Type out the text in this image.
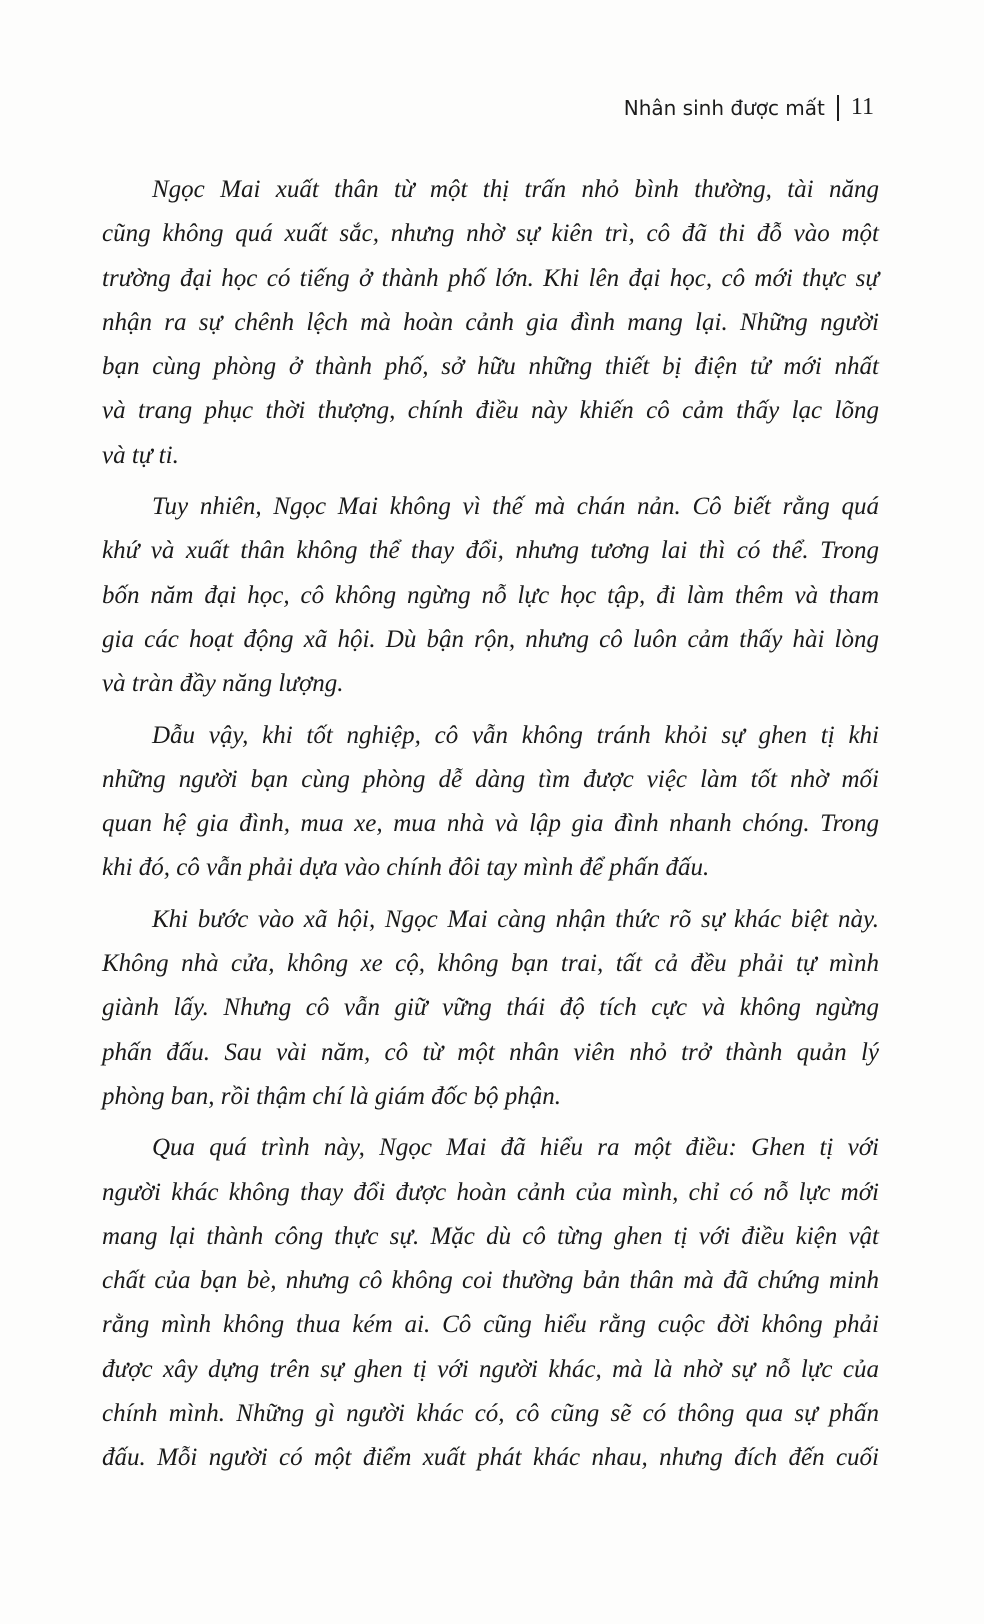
Nhân sinh được mất 11
Ngọc Mai xuất thân từ một thị trấn nhỏ bình thường, tài năng
cũng không quá xuất sắc, nhưng nhờ sự kiên trì, cô đã thi đỗ vào một
trường đại học có tiếng ở thành phố lớn. Khi lên đại học, cô mới thực sự
nhận ra sự chênh lệch mà hoàn cảnh gia đình mang lại. Những người
bạn cùng phòng ở thành phố, sở hữu những thiết bị điện tử mới nhất
và trang phục thời thượng, chính điều này khiến cô cảm thấy lạc lõng
và tự ti.
Tuy nhiên, Ngọc Mai không vì thế mà chán nản. Cô biết rằng quá
khứ và xuất thân không thể thay đổi, nhưng tương lai thì có thể. Trong
bốn năm đại học, cô không ngừng nỗ lực học tập, đi làm thêm và tham
gia các hoạt động xã hội. Dù bận rộn, nhưng cô luôn cảm thấy hài lòng
và tràn đầy năng lượng.
Dẫu vậy, khi tốt nghiệp, cô vẫn không tránh khỏi sự ghen tị khi
những người bạn cùng phòng dễ dàng tìm được việc làm tốt nhờ mối
quan hệ gia đình, mua xe, mua nhà và lập gia đình nhanh chóng. Trong
khi đó, cô vẫn phải dựa vào chính đôi tay mình để phấn đấu.
Khi bước vào xã hội, Ngọc Mai càng nhận thức rõ sự khác biệt này.
Không nhà cửa, không xe cộ, không bạn trai, tất cả đều phải tự mình
giành lấy. Nhưng cô vẫn giữ vững thái độ tích cực và không ngừng
phấn đấu. Sau vài năm, cô từ một nhân viên nhỏ trở thành quản lý
phòng ban, rồi thậm chí là giám đốc bộ phận.
Qua quá trình này, Ngọc Mai đã hiểu ra một điều: Ghen tị với
người khác không thay đổi được hoàn cảnh của mình, chỉ có nỗ lực mới
mang lại thành công thực sự. Mặc dù cô từng ghen tị với điều kiện vật
chất của bạn bè, nhưng cô không coi thường bản thân mà đã chứng minh
rằng mình không thua kém ai. Cô cũng hiểu rằng cuộc đời không phải
được xây dựng trên sự ghen tị với người khác, mà là nhờ sự nỗ lực của
chính mình. Những gì người khác có, cô cũng sẽ có thông qua sự phấn
đấu. Mỗi người có một điểm xuất phát khác nhau, nhưng đích đến cuối
